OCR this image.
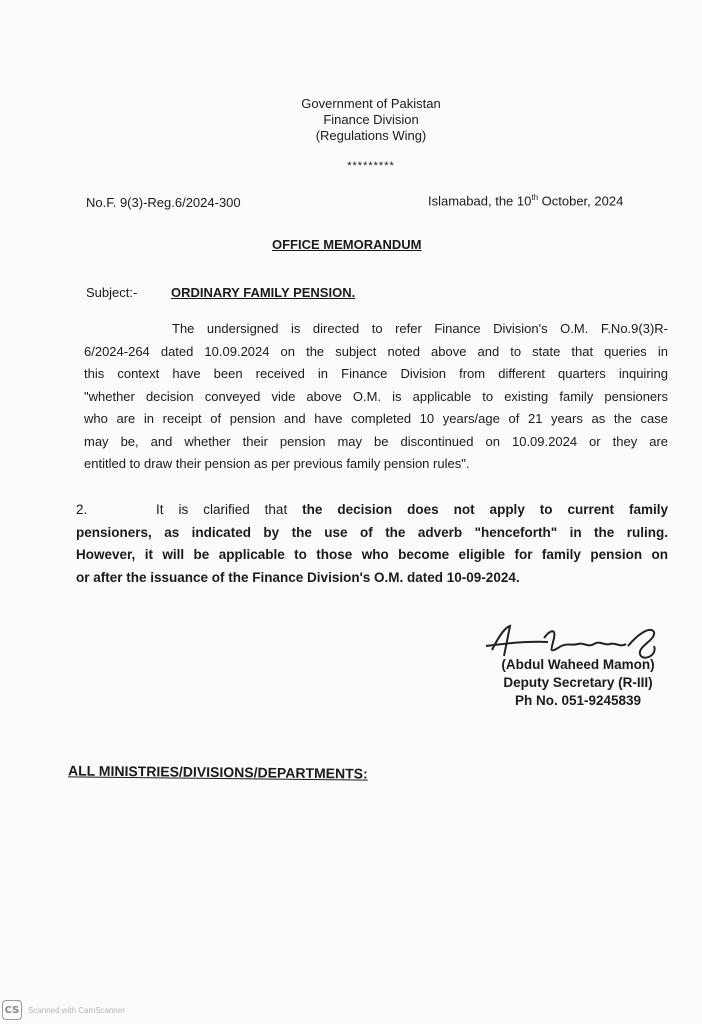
Government of Pakistan
Finance Division
(Regulations Wing)
*********
No.F. 9(3)-Reg.6/2024-300	Islamabad, the 10th October, 2024
OFFICE MEMORANDUM
Subject:-	ORDINARY FAMILY PENSION.
The undersigned is directed to refer Finance Division's O.M. F.No.9(3)R-
6/2024-264 dated 10.09.2024 on the subject noted above and to state that queries in
this context have been received in Finance Division from different quarters inquiring
"whether decision conveyed vide above O.M. is applicable to existing family pensioners
who are in receipt of pension and have completed 10 years/age of 21 years as the case
may be, and whether their pension may be discontinued on 10.09.2024 or they are
entitled to draw their pension as per previous family pension rules".
2.	It is clarified that the decision does not apply to current family
pensioners, as indicated by the use of the adverb "henceforth" in the ruling.
However, it will be applicable to those who become eligible for family pension on
or after the issuance of the Finance Division's O.M. dated 10-09-2024.
(Abdul Waheed Mamon)
Deputy Secretary (R-III)
Ph No. 051-9245839
ALL MINISTRIES/DIVISIONS/DEPARTMENTS:
CS	Scanned with CamScanner
